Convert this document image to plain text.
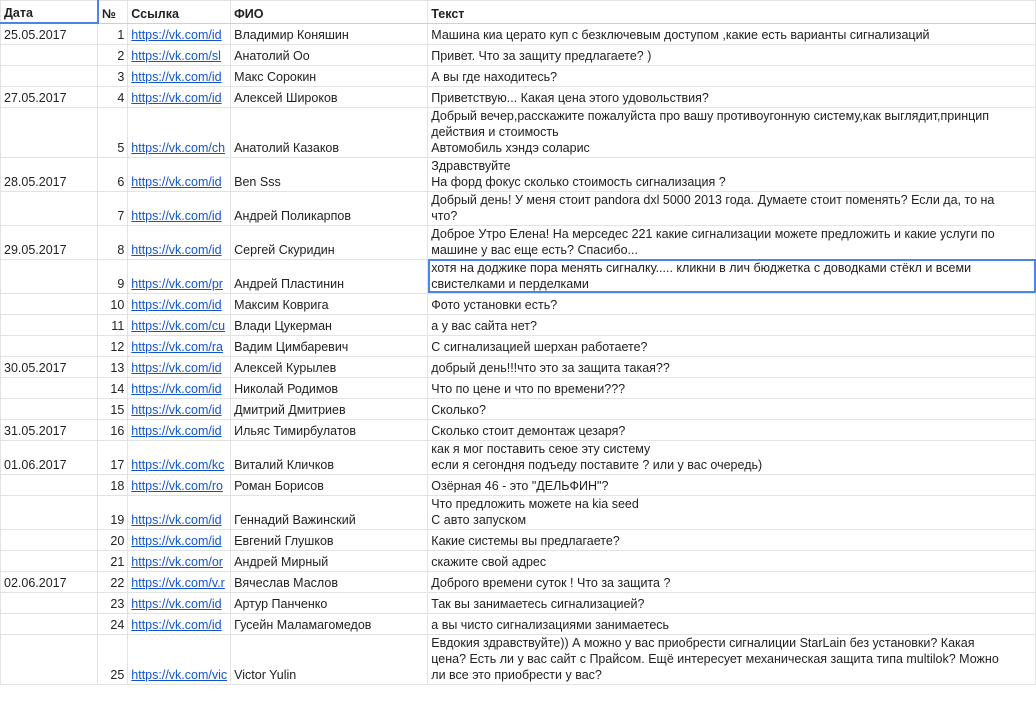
Дата	№	Ссылка	ФИО	Текст
25.05.2017	1	https://vk.com/id	Владимир Коняшин	Машина киа церато куп с безключевым доступом ,какие есть варианты сигнализаций

	2	https://vk.com/sl	Анатолий Оо	Привет. Что за защиту предлагаете? )

	3	https://vk.com/id	Макс Сорокин	А вы где находитесь?

27.05.2017	4	https://vk.com/id	Алексей Широков	Приветствую... Какая цена этого удовольствия?

	5	https://vk.com/ch	Анатолий Казаков	Добрый вечер,расскажите пожалуйста про вашу противоугонную систему,как выглядит,принцип
действия и стоимость
Автомобиль хэндэ соларис

28.05.2017	6	https://vk.com/id	Ben Sss	Здравствуйте
На форд фокус сколько стоимость сигнализация ?

	7	https://vk.com/id	Андрей Поликарпов	Добрый день! У меня стоит pandora dxl 5000 2013 года. Думаете стоит поменять? Если да, то на
что?

29.05.2017	8	https://vk.com/id	Сергей Скуридин	Доброе Утро Елена! На мерседес 221 какие сигнализации можете предложить и какие услуги по
машине у вас еще есть? Спасибо...

	9	https://vk.com/pr	Андрей Пластинин	хотя на доджике пора менять сигналку..... кликни в лич бюджетка с доводками стёкл и всеми
свистелками и перделками

	10	https://vk.com/id	Максим Коврига	Фото установки есть?

	11	https://vk.com/cu	Влади Цукерман	а у вас сайта нет?

	12	https://vk.com/ra	Вадим Цимбаревич	С сигнализацией шерхан работаете?

30.05.2017	13	https://vk.com/id	Алексей Курылев	добрый день!!!что это за защита такая??

	14	https://vk.com/id	Николай Родимов	Что по цене и что по времени???

	15	https://vk.com/id	Дмитрий Дмитриев	Сколько?

31.05.2017	16	https://vk.com/id	Ильяс Тимирбулатов	Сколько стоит демонтаж цезаря?

01.06.2017	17	https://vk.com/kc	Виталий Кличков	как я мог поставить сеюе эту систему
если я сегондня подъеду поставите ? или у вас очередь)

	18	https://vk.com/ro	Роман Борисов	Озёрная 46 - это "ДЕЛЬФИН"?

	19	https://vk.com/id	Геннадий Важинский	Что предложить можете на kia seed
С авто запуском

	20	https://vk.com/id	Евгений Глушков	Какие системы вы предлагаете?

	21	https://vk.com/or	Андрей Мирный	скажите свой адрес

02.06.2017	22	https://vk.com/v.r	Вячеслав Маслов	Доброго времени суток ! Что за защита ?

	23	https://vk.com/id	Артур Панченко	Так вы занимаетесь сигнализацией?

	24	https://vk.com/id	Гусейн Маламагомедов	а вы чисто сигнализациями занимаетесь

	25	https://vk.com/vic	Victor Yulin	Евдокия здравствуйте)) А можно у вас приобрести сигналиции StarLain без установки? Какая
цена? Есть ли у вас сайт с Прайсом. Ещё интересует механическая защита типа multilok? Можно
ли все это приобрести у вас?
